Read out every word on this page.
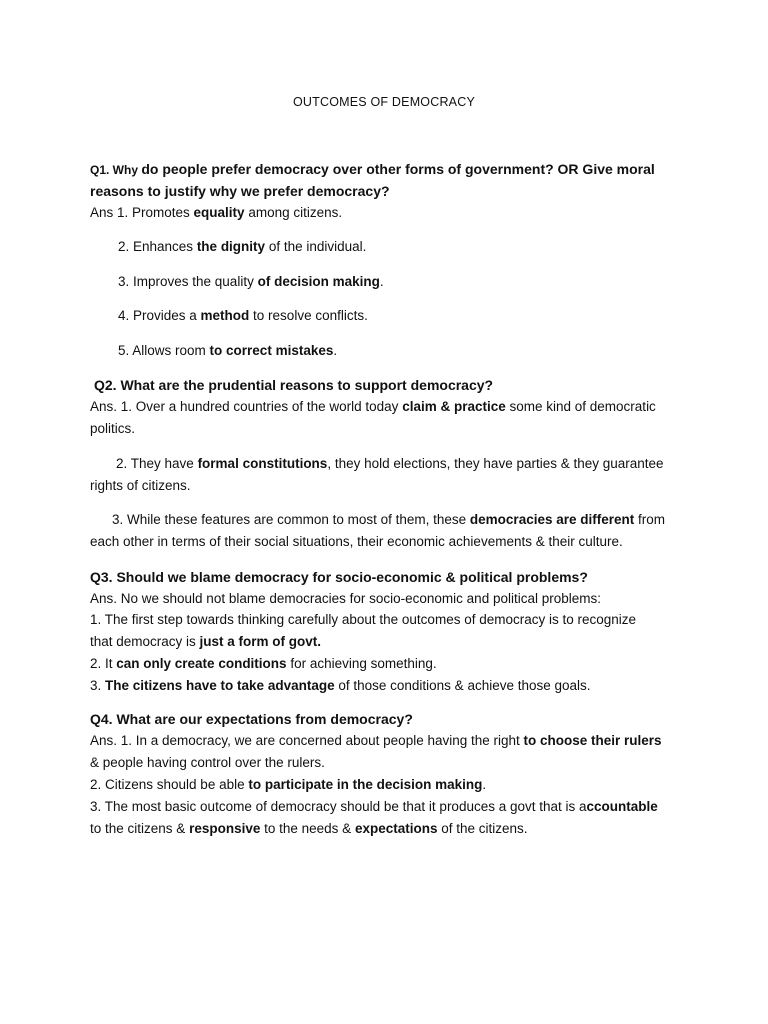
OUTCOMES OF DEMOCRACY
Q1. Why do people prefer democracy over other forms of government? OR Give moral
reasons to justify why we prefer democracy?
Ans 1. Promotes equality among citizens.
2. Enhances the dignity of the individual.
3. Improves the quality of decision making.
4. Provides a method to resolve conflicts.
5. Allows room to correct mistakes.
Q2. What are the prudential reasons to support democracy?
Ans. 1. Over a hundred countries of the world today claim & practice some kind of democratic
politics.
2. They have formal constitutions, they hold elections, they have parties & they guarantee
rights of citizens.
3. While these features are common to most of them, these democracies are different from
each other in terms of their social situations, their economic achievements & their culture.
Q3. Should we blame democracy for socio-economic & political problems?
Ans. No we should not blame democracies for socio-economic and political problems:
1. The first step towards thinking carefully about the outcomes of democracy is to recognize
that democracy is just a form of govt.
2. It can only create conditions for achieving something.
3. The citizens have to take advantage of those conditions & achieve those goals.
Q4. What are our expectations from democracy?
Ans. 1. In a democracy, we are concerned about people having the right to choose their rulers
& people having control over the rulers.
2. Citizens should be able to participate in the decision making.
3. The most basic outcome of democracy should be that it produces a govt that is accountable
to the citizens & responsive to the needs & expectations of the citizens.
